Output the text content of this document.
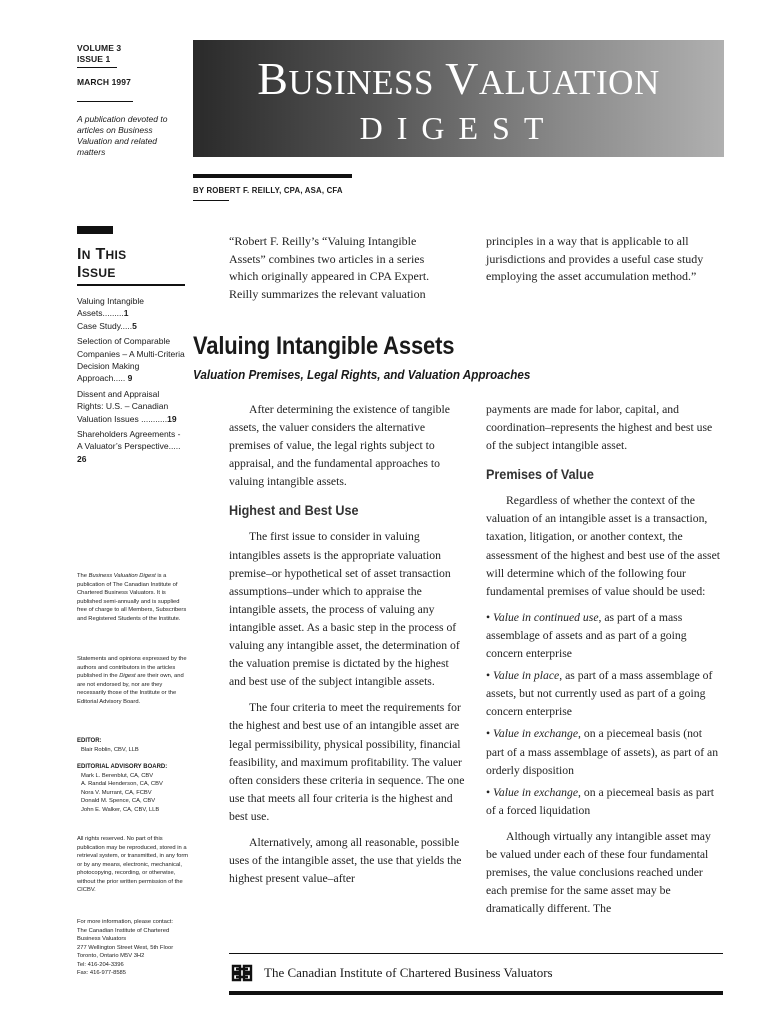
VOLUME 3
ISSUE 1
MARCH 1997
A publication devoted to articles on Business Valuation and related matters
IN THIS
ISSUE
Valuing Intangible Assets.........1
Case Study.....5
Selection of Comparable Companies – A Multi-Criteria Decision Making Approach..... 9
Dissent and Appraisal Rights: U.S. – Canadian Valuation Issues ...........19
Shareholders Agreements - A Valuator’s Perspective..... 26
The Business Valuation Digest is a publication of The Canadian Institute of Chartered Business Valuators. It is published semi-annually and is supplied free of charge to all Members, Subscribers and Registered Students of the Institute.
Statements and opinions expressed by the authors and contributors in the articles published in the Digest are their own, and are not endorsed by, nor are they necessarily those of the Institute or the Editorial Advisory Board.
EDITOR:
Blair Roblin, CBV, LLB
EDITORIAL ADVISORY BOARD:
Mark L. Berenblut, CA, CBV
A. Randal Henderson, CA, CBV
Nora V. Murrant, CA, FCBV
Donald M. Spence, CA, CBV
John E. Walker, CA, CBV, LLB
All rights reserved. No part of this publication may be reproduced, stored in a retrieval system, or transmitted, in any form or by any means, electronic, mechanical, photocopying, recording, or otherwise, without the prior written permission of the CICBV.
For more information, please contact:
The Canadian Institute of Chartered
Business Valuators
277 Wellington Street West, 5th Floor
Toronto, Ontario M5V 3H2
Tel: 416-204-3396
Fax: 416-977-8585
BUSINESS VALUATION
DIGEST
BY ROBERT F. REILLY, CPA, ASA, CFA
“Robert F. Reilly’s “Valuing Intangible Assets” combines two articles in a series which originally appeared in CPA Expert. Reilly summarizes the relevant valuation
principles in a way that is applicable to all jurisdictions and provides a useful case study employing the asset accumulation method.”
Valuing Intangible Assets
Valuation Premises, Legal Rights, and Valuation Approaches

After determining the existence of tangible assets, the valuer considers the alternative premises of value, the legal rights subject to appraisal, and the fundamental approaches to valuing intangible assets.

Highest and Best Use

The first issue to consider in valuing intangibles assets is the appropriate valuation premise–or hypothetical set of asset transaction assumptions–under which to appraise the intangible assets, the process of valuing any intangible asset. As a basic step in the process of valuing any intangible asset, the determination of the valuation premise is dictated by the highest and best use of the subject intangible assets.

The four criteria to meet the requirements for the highest and best use of an intangible asset are legal permissibility, physical possibility, financial feasibility, and maximum profitability. The valuer often considers these criteria in sequence. The one use that meets all four criteria is the highest and best use.

Alternatively, among all reasonable, possible uses of the intangible asset, the use that yields the highest present value–after

payments are made for labor, capital, and coordination–represents the highest and best use of the subject intangible asset.

Premises of Value

Regardless of whether the context of the valuation of an intangible asset is a transaction, taxation, litigation, or another context, the assessment of the highest and best use of the asset will determine which of the following four fundamental premises of value should be used:

• Value in continued use, as part of a mass assemblage of assets and as part of a going concern enterprise
• Value in place, as part of a mass assemblage of assets, but not currently used as part of a going concern enterprise
• Value in exchange, on a piecemeal basis (not part of a mass assemblage of assets), as part of an orderly disposition
• Value in exchange, on a piecemeal basis as part of a forced liquidation

Although virtually any intangible asset may be valued under each of these four fundamental premises, the value conclusions reached under each premise for the same asset may be dramatically different. The

The Canadian Institute of Chartered Business Valuators
